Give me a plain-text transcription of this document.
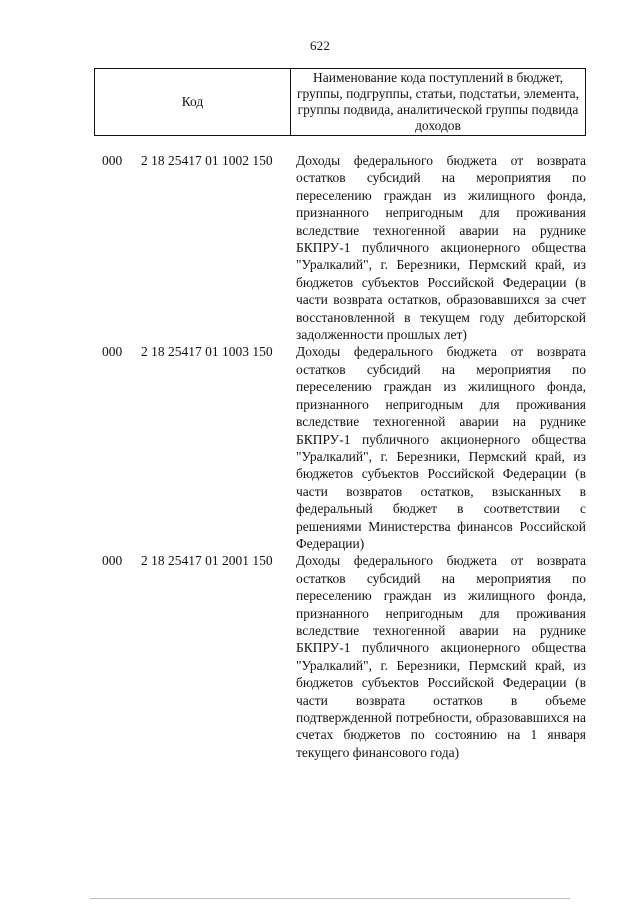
622
Код
Наименование кода поступлений в бюджет, группы, подгруппы, статьи, подстатьи, элемента, группы подвида, аналитической группы подвида доходов
000 2 18 25417 01 1002 150 Доходы федерального бюджета от возврата остатков субсидий на мероприятия по переселению граждан из жилищного фонда, признанного непригодным для проживания вследствие техногенной аварии на руднике БКПРУ-1 публичного акционерного общества "Уралкалий", г. Березники, Пермский край, из бюджетов субъектов Российской Федерации (в части возврата остатков, образовавшихся за счет восстановленной в текущем году дебиторской задолженности прошлых лет)
000 2 18 25417 01 1003 150 Доходы федерального бюджета от возврата остатков субсидий на мероприятия по переселению граждан из жилищного фонда, признанного непригодным для проживания вследствие техногенной аварии на руднике БКПРУ-1 публичного акционерного общества "Уралкалий", г. Березники, Пермский край, из бюджетов субъектов Российской Федерации (в части возвратов остатков, взысканных в федеральный бюджет в соответствии с решениями Министерства финансов Российской Федерации)
000 2 18 25417 01 2001 150 Доходы федерального бюджета от возврата остатков субсидий на мероприятия по переселению граждан из жилищного фонда, признанного непригодным для проживания вследствие техногенной аварии на руднике БКПРУ-1 публичного акционерного общества "Уралкалий", г. Березники, Пермский край, из бюджетов субъектов Российской Федерации (в части возврата остатков в объеме подтвержденной потребности, образовавшихся на счетах бюджетов по состоянию на 1 января текущего финансового года)
